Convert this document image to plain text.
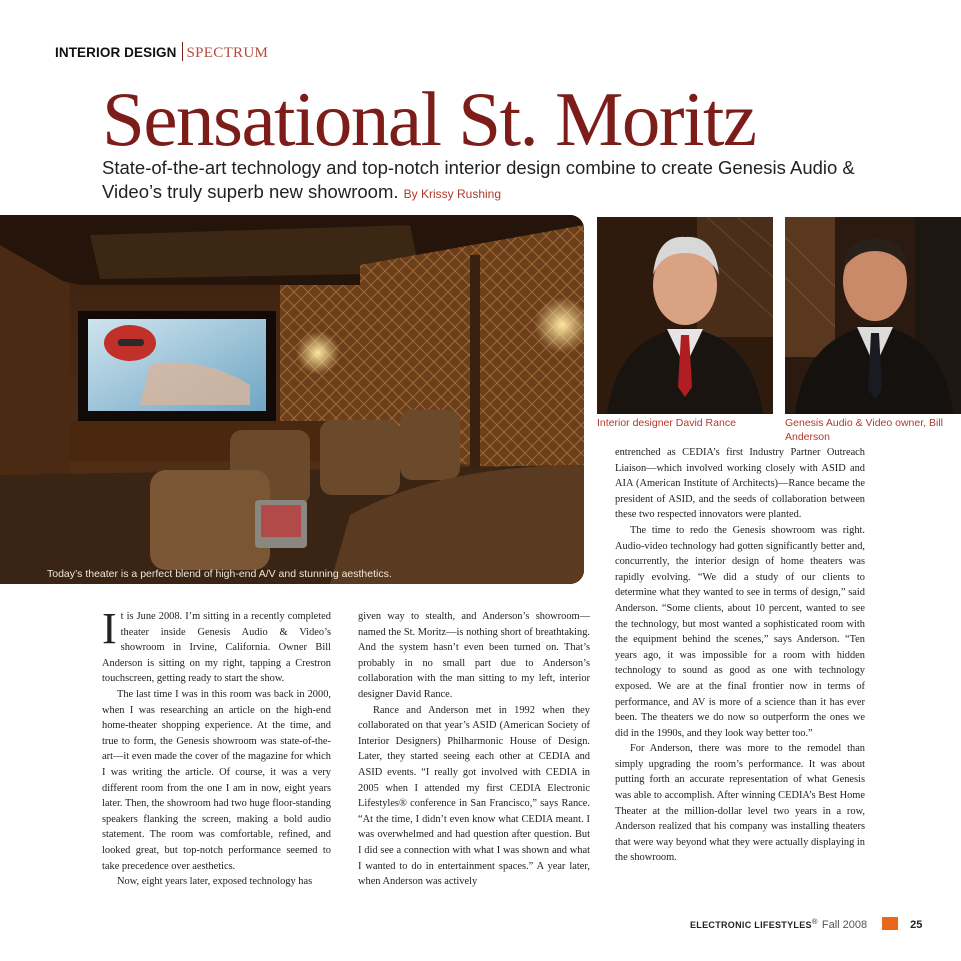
INTERIOR DESIGN SPECTRUM
Sensational St. Moritz
State-of-the-art technology and top-notch interior design combine to create Genesis Audio & Video’s truly superb new showroom. By Krissy Rushing
Today’s theater is a perfect blend of high-end A/V and stunning aesthetics.
Interior designer David Rance	Genesis Audio & Video owner, Bill Anderson

It is June 2008. I’m sitting in a recently completed theater inside Genesis Audio & Video’s showroom in Irvine, California. Owner Bill Anderson is sitting on my right, tapping a Crestron touchscreen, getting ready to start the show.

The last time I was in this room was back in 2000, when I was researching an article on the high-end home-theater shopping experience. At the time, and true to form, the Genesis showroom was state-of-the-art—it even made the cover of the magazine for which I was writing the article. Of course, it was a very different room from the one I am in now, eight years later. Then, the showroom had two huge floor-standing speakers flanking the screen, making a bold audio statement. The room was comfortable, refined, and looked great, but top-notch performance seemed to take precedence over aesthetics.

Now, eight years later, exposed technology has

given way to stealth, and Anderson’s showroom—named the St. Moritz—is nothing short of breathtaking. And the system hasn’t even been turned on. That’s probably in no small part due to Anderson’s collaboration with the man sitting to my left, interior designer David Rance.

Rance and Anderson met in 1992 when they collaborated on that year’s ASID (American Society of Interior Designers) Philharmonic House of Design. Later, they started seeing each other at CEDIA and ASID events. “I really got involved with CEDIA in 2005 when I attended my first CEDIA Electronic Lifestyles® conference in San Francisco,” says Rance. “At the time, I didn’t even know what CEDIA meant. I was overwhelmed and had question after question. But I did see a connection with what I was shown and what I wanted to do in entertainment spaces.” A year later, when Anderson was actively

entrenched as CEDIA’s first Industry Partner Outreach Liaison—which involved working closely with ASID and AIA (American Institute of Architects)—Rance became the president of ASID, and the seeds of collaboration between these two respected innovators were planted.

The time to redo the Genesis showroom was right. Audio-video technology had gotten significantly better and, concurrently, the interior design of home theaters was rapidly evolving. “We did a study of our clients to determine what they wanted to see in terms of design,” said Anderson. “Some clients, about 10 percent, wanted to see the technology, but most wanted a sophisticated room with the equipment behind the scenes,” says Anderson. “Ten years ago, it was impossible for a room with hidden technology to sound as good as one with technology exposed. We are at the final frontier now in terms of performance, and AV is more of a science than it has ever been. The theaters we do now so outperform the ones we did in the 1990s, and they look way better too.”

For Anderson, there was more to the remodel than simply upgrading the room’s performance. It was about putting forth an accurate representation of what Genesis was able to accomplish. After winning CEDIA’s Best Home Theater at the million-dollar level two years in a row, Anderson realized that his company was installing theaters that were way beyond what they were actually displaying in the showroom.

ELECTRONIC LIFESTYLES® Fall 2008	25
